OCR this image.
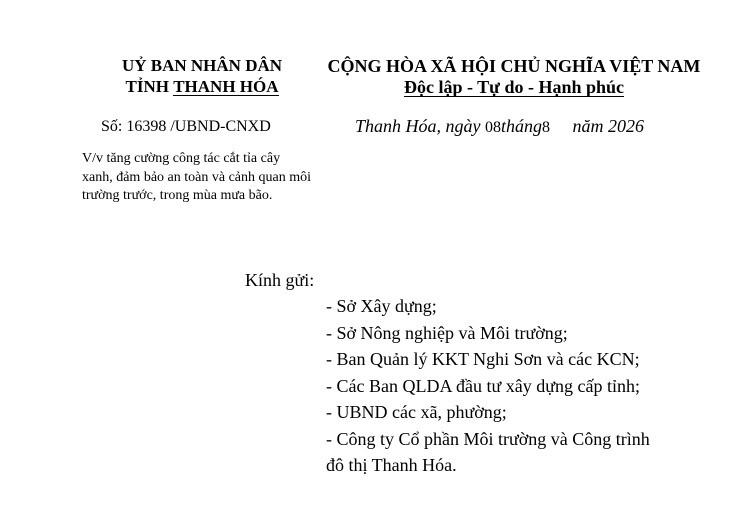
UỶ BAN NHÂN DÂN
TỈNH THANH HÓA
CỘNG HÒA XÃ HỘI CHỦ NGHĨA VIỆT NAM
Độc lập - Tự do - Hạnh phúc
Số: 16398 /UBND-CNXD	Thanh Hóa, ngày 08tháng8 năm 2026
V/v tăng cường công tác cắt tỉa cây xanh, đảm bảo an toàn và cảnh quan môi trường trước, trong mùa mưa bão.
Kính gửi:
- Sở Xây dựng;
- Sở Nông nghiệp và Môi trường;
- Ban Quản lý KKT Nghi Sơn và các KCN;
- Các Ban QLDA đầu tư xây dựng cấp tỉnh;
- UBND các xã, phường;
- Công ty Cổ phần Môi trường và Công trình
đô thị Thanh Hóa.
